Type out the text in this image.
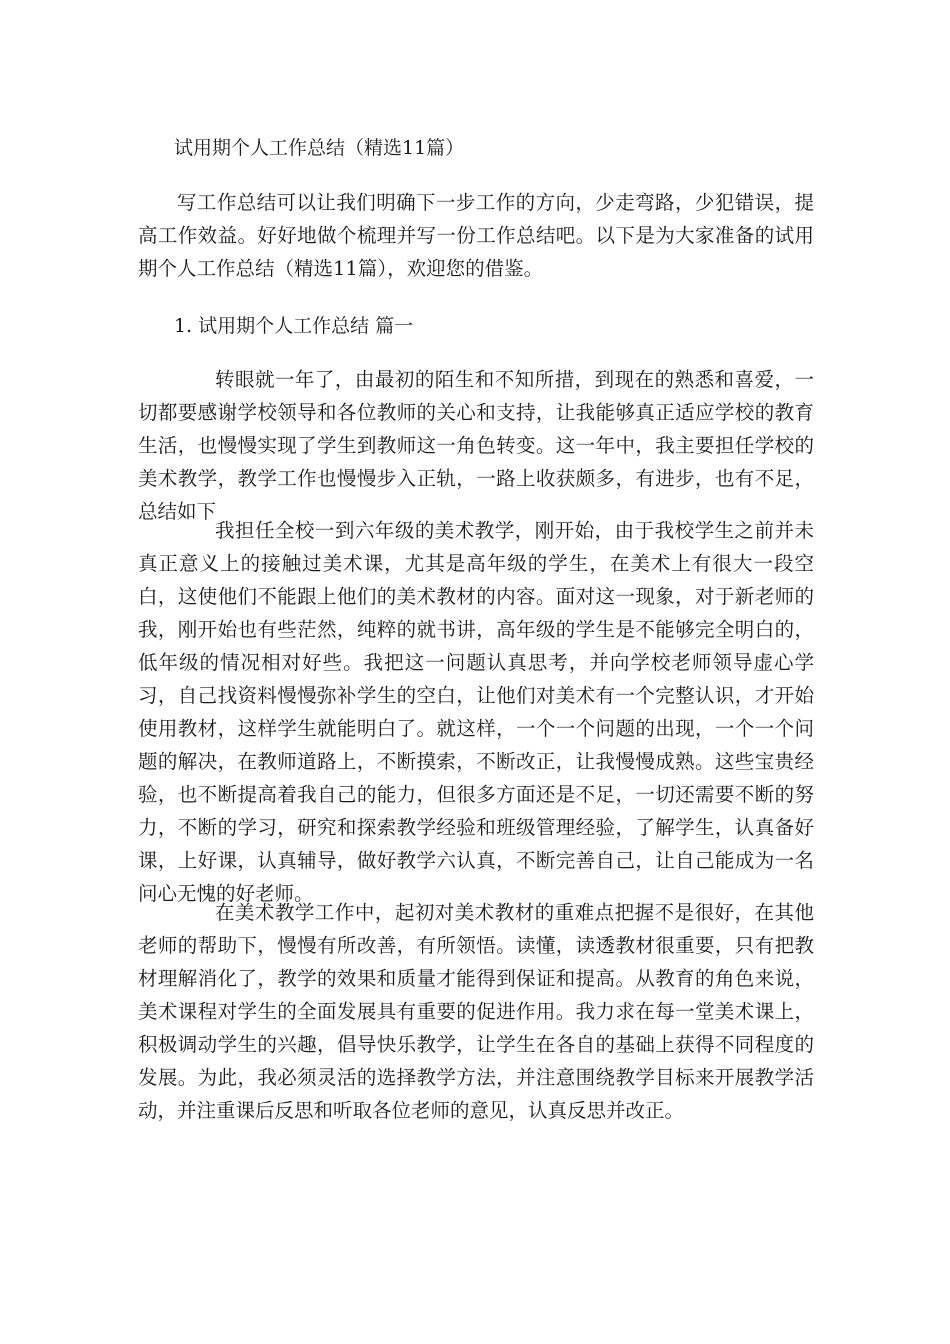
试用期个人工作总结（精选11篇）

写工作总结可以让我们明确下一步工作的方向，少走弯路，少犯错误，提高工作效益。好好地做个梳理并写一份工作总结吧。以下是为大家准备的试用期个人工作总结（精选11篇），欢迎您的借鉴。

1. 试用期个人工作总结 篇一

转眼就一年了，由最初的陌生和不知所措，到现在的熟悉和喜爱，一切都要感谢学校领导和各位教师的关心和支持，让我能够真正适应学校的教育生活，也慢慢实现了学生到教师这一角色转变。这一年中，我主要担任学校的美术教学，教学工作也慢慢步入正轨，一路上收获颇多，有进步，也有不足，总结如下

我担任全校一到六年级的美术教学，刚开始，由于我校学生之前并未真正意义上的接触过美术课，尤其是高年级的学生，在美术上有很大一段空白，这使他们不能跟上他们的美术教材的内容。面对这一现象，对于新老师的我，刚开始也有些茫然，纯粹的就书讲，高年级的学生是不能够完全明白的，低年级的情况相对好些。我把这一问题认真思考，并向学校老师领导虚心学习，自己找资料慢慢弥补学生的空白，让他们对美术有一个完整认识，才开始使用教材，这样学生就能明白了。就这样，一个一个问题的出现，一个一个问题的解决，在教师道路上，不断摸索，不断改正，让我慢慢成熟。这些宝贵经验，也不断提高着我自己的能力，但很多方面还是不足，一切还需要不断的努力，不断的学习，研究和探索教学经验和班级管理经验，了解学生，认真备好课，上好课，认真辅导，做好教学六认真，不断完善自己，让自己能成为一名问心无愧的好老师。

在美术教学工作中，起初对美术教材的重难点把握不是很好，在其他老师的帮助下，慢慢有所改善，有所领悟。读懂，读透教材很重要，只有把教材理解消化了，教学的效果和质量才能得到保证和提高。从教育的角色来说，美术课程对学生的全面发展具有重要的促进作用。我力求在每一堂美术课上，积极调动学生的兴趣，倡导快乐教学，让学生在各自的基础上获得不同程度的发展。为此，我必须灵活的选择教学方法，并注意围绕教学目标来开展教学活动，并注重课后反思和听取各位老师的意见，认真反思并改正。
